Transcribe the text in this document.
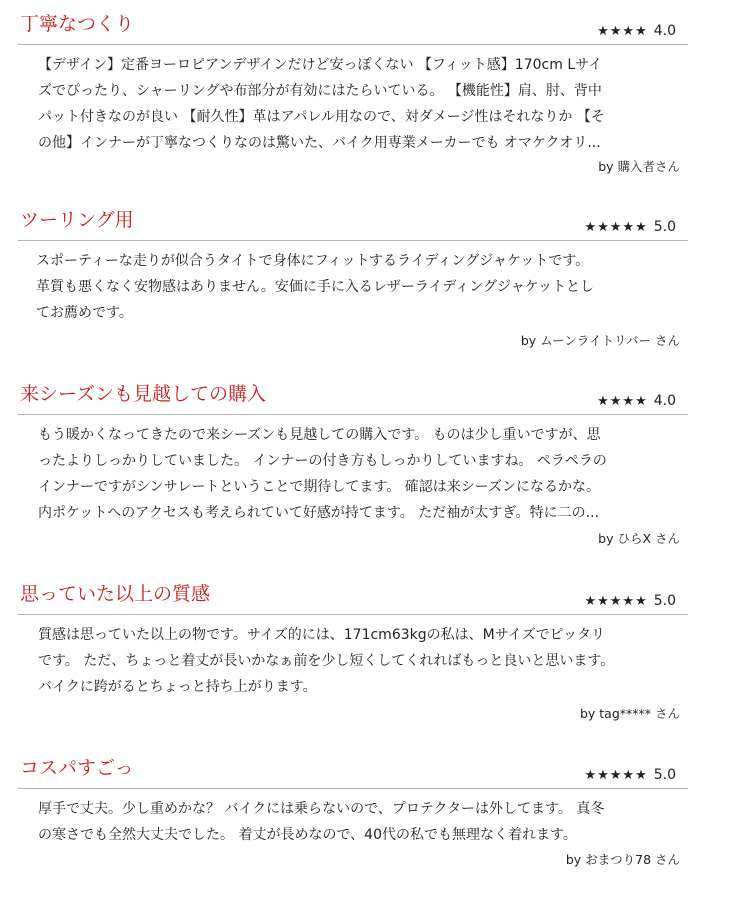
丁寧なつくり	★★★★ 4.0
【デザイン】定番ヨーロピアンデザインだけど安っぽくない 【フィット感】170cm Lサイ
ズでぴったり、シャーリングや布部分が有効にはたらいている。 【機能性】肩、肘、背中
パット付きなのが良い 【耐久性】革はアパレル用なので、対ダメージ性はそれなりか 【そ
の他】インナーが丁寧なつくりなのは驚いた、バイク用専業メーカーでも オマケクオリ...
by 購入者さん
ツーリング用	★★★★★ 5.0
スポーティーな走りが似合うタイトで身体にフィットするライディングジャケットです。
革質も悪くなく安物感はありません。安価に手に入るレザーライディングジャケットとし
てお薦めです。
by ムーンライトリバー さん
来シーズンも見越しての購入	★★★★ 4.0
もう暖かくなってきたので来シーズンも見越しての購入です。 ものは少し重いですが、思
ったよりしっかりしていました。 インナーの付き方もしっかりしていますね。 ペラペラの
インナーですがシンサレートということで期待してます。 確認は来シーズンになるかな。
内ポケットへのアクセスも考えられていて好感が持てます。 ただ袖が太すぎ。特に二の...
by ひらX さん
思っていた以上の質感	★★★★★ 5.0
質感は思っていた以上の物です。サイズ的には、171cm63kgの私は、Mサイズでピッタリ
です。 ただ、ちょっと着丈が長いかなぁ前を少し短くしてくれればもっと良いと思います。
バイクに跨がるとちょっと持ち上がります。
by tag***** さん
コスパすごっ	★★★★★ 5.0
厚手で丈夫。少し重めかな？ バイクには乗らないので、プロテクターは外してます。 真冬
の寒さでも全然大丈夫でした。 着丈が長めなので、40代の私でも無理なく着れます。
by おまつり78 さん
